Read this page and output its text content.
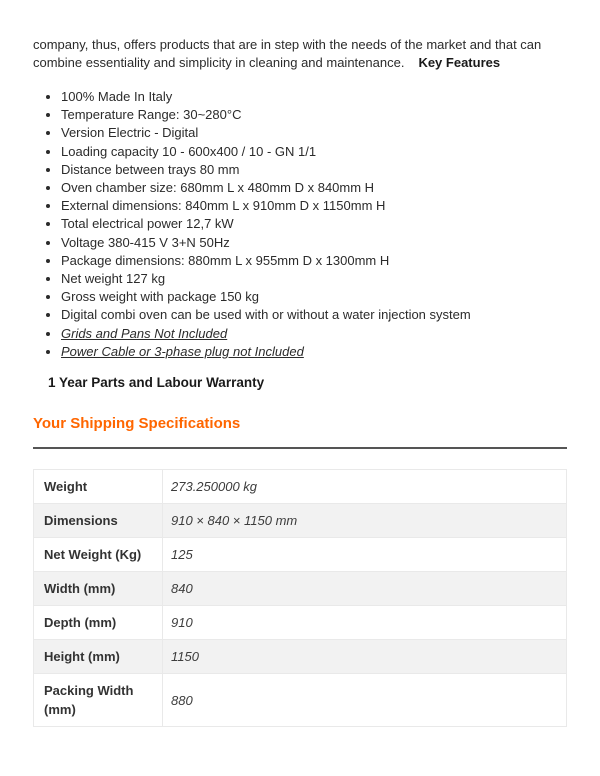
company, thus, offers products that are in step with the needs of the market and that can combine essentiality and simplicity in cleaning and maintenance. Key Features

• 100% Made In Italy
• Temperature Range: 30~280°C
• Version Electric - Digital
• Loading capacity 10 - 600x400 / 10 - GN 1/1
• Distance between trays 80 mm
• Oven chamber size: 680mm L x 480mm D x 840mm H
• External dimensions: 840mm L x 910mm D x 1150mm H
• Total electrical power 12,7 kW
• Voltage 380-415 V 3+N 50Hz
• Package dimensions: 880mm L x 955mm D x 1300mm H
• Net weight 127 kg
• Gross weight with package 150 kg
• Digital combi oven can be used with or without a water injection system
• Grids and Pans Not Included
• Power Cable or 3-phase plug not Included

1 Year Parts and Labour Warranty

Your Shipping Specifications
Weight	273.250000 kg
Dimensions	910 × 840 × 1150 mm
Net Weight (Kg)	125
Width (mm)	840
Depth (mm)	910
Height (mm)	1150
Packing Width (mm)	880
